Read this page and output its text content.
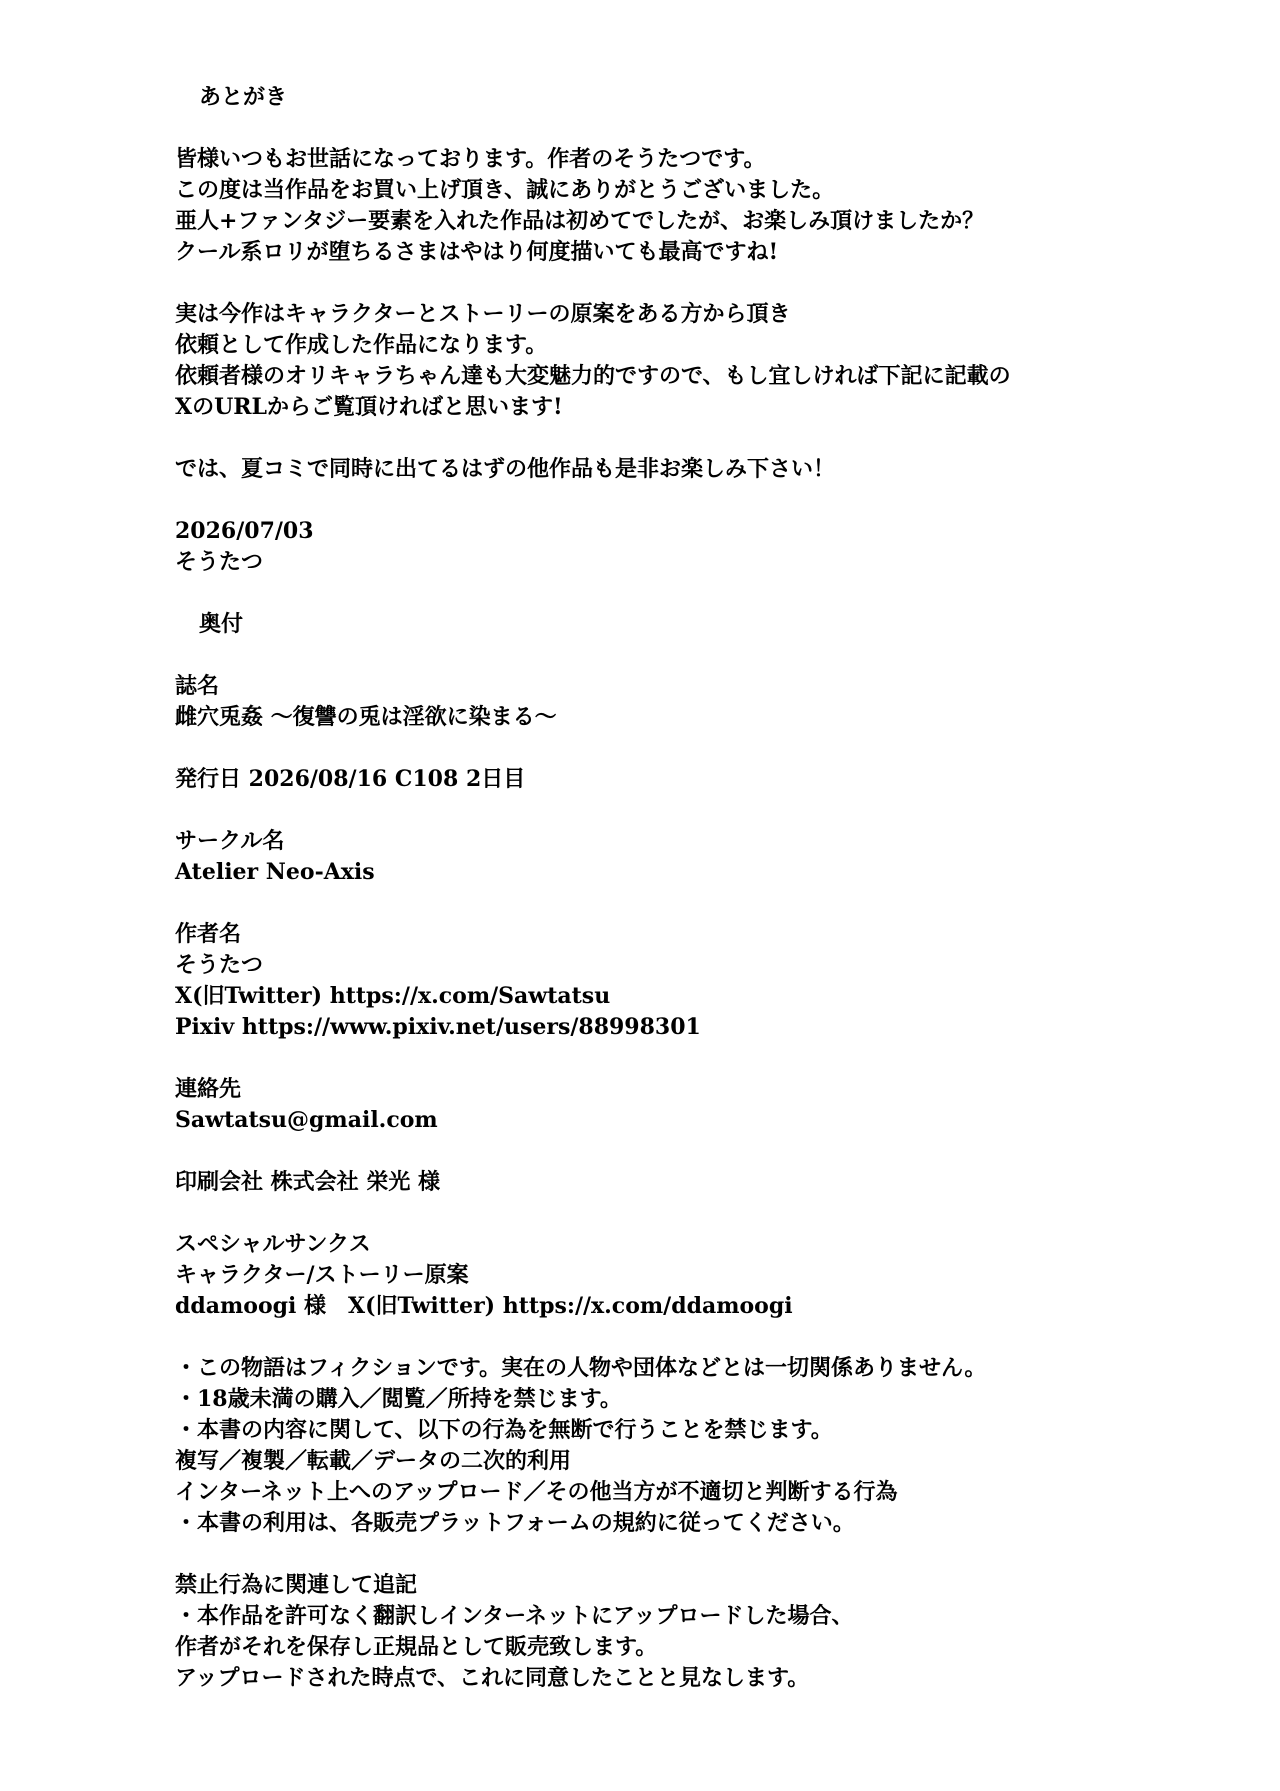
あとがき

皆様いつもお世話になっております。作者のそうたつです。

この度は当作品をお買い上げ頂き、誠にありがとうございました。

亜人+ファンタジー要素を入れた作品は初めてでしたが、お楽しみ頂けましたか？

クール系ロリが堕ちるさまはやはり何度描いても最高ですね!

実は今作はキャラクターとストーリーの原案をある方から頂き

依頼として作成した作品になります。

依頼者様のオリキャラちゃん達も大変魅力的ですので、もし宜しければ下記に記載の

XのURLからご覧頂ければと思います!

では、夏コミで同時に出てるはずの他作品も是非お楽しみ下さい！

2026/07/03

そうたつ

奥付

誌名

雌穴兎姦 〜復讐の兎は淫欲に染まる〜

発行日 2026/08/16 C108 2日目

サークル名

Atelier Neo-Axis

作者名

そうたつ

X(旧Twitter) https://x.com/Sawtatsu

Pixiv https://www.pixiv.net/users/88998301

連絡先

Sawtatsu@gmail.com

印刷会社 株式会社 栄光 様

スペシャルサンクス

キャラクター/ストーリー原案

ddamoogi 様　X(旧Twitter) https://x.com/ddamoogi

・この物語はフィクションです。実在の人物や団体などとは一切関係ありません。

・18歳未満の購入／閲覧／所持を禁じます。

・本書の内容に関して、以下の行為を無断で行うことを禁じます。

複写／複製／転載／データの二次的利用

インターネット上へのアップロード／その他当方が不適切と判断する行為

・本書の利用は、各販売プラットフォームの規約に従ってください。

禁止行為に関連して追記

・本作品を許可なく翻訳しインターネットにアップロードした場合、

作者がそれを保存し正規品として販売致します。

アップロードされた時点で、これに同意したことと見なします。
